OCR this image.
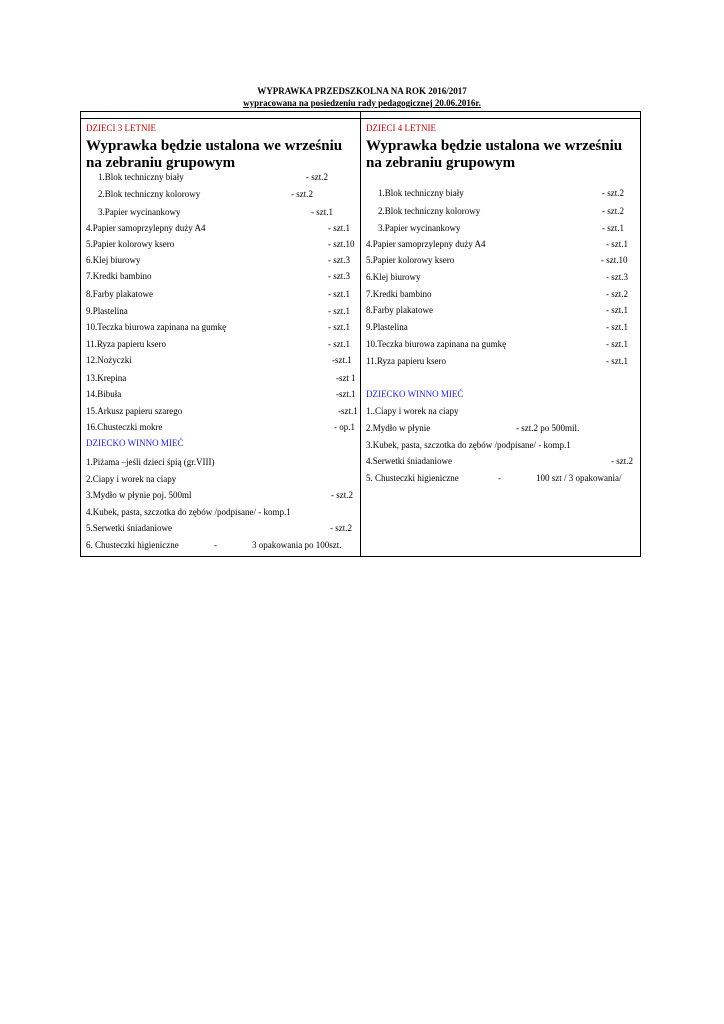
WYPRAWKA PRZEDSZKOLNA NA ROK 2016/2017
wypracowana na posiedzeniu rady pedagogicznej 20.06.2016r.
DZIECI 3 LETNIE
Wyprawka będzie ustalona we wrześniu na zebraniu grupowym
1.Blok techniczny biały	- szt.2
2.Blok techniczny kolorowy	- szt.2
3.Papier wycinankowy	- szt.1
4.Papier samoprzylepny duży A4	- szt.1
5.Papier kolorowy ksero	- szt.10
6.Klej biurowy	- szt.3
7.Kredki bambino	- szt.3
8.Farby plakatowe	- szt.1
9.Plastelina	- szt.1
10.Teczka biurowa zapinana na gumkę	- szt.1
11.Ryza papieru ksero	- szt.1
12.Nożyczki	-szt.1
13.Krepina	-szt 1
14.Bibuła	-szt.1
15.Arkusz papieru szarego	-szt.1
16.Chusteczki mokre	- op.1
DZIECKO WINNO MIEĆ
1.Piżama –jeśli dzieci śpią (gr.VIII)
2.Ciapy i worek na ciapy
3.Mydło w płynie poj. 500ml	- szt.2
4.Kubek, pasta, szczotka do zębów /podpisane/ - komp.1
5.Serwetki śniadaniowe	- szt.2
6. Chusteczki higieniczne	-	3 opakowania po 100szt.
DZIECI 4 LETNIE
Wyprawka będzie ustalona we wrześniu na zebraniu grupowym
1.Blok techniczny biały	- szt.2
2.Blok techniczny kolorowy	- szt.2
3.Papier wycinankowy	- szt.1
4.Papier samoprzylepny duży A4	- szt.1
5.Papier kolorowy ksero	- szt.10
6.Klej biurowy	- szt.3
7.Kredki bambino	- szt.2
8.Farby plakatowe	- szt.1
9.Plastelina	- szt.1
10.Teczka biurowa zapinana na gumkę	- szt.1
11.Ryza papieru ksero	- szt.1
DZIECKO WINNO MIEĆ
1..Ciapy i worek na ciapy
2.Mydło w płynie	- szt.2 po 500mil.
3.Kubek, pasta, szczotka do zębów /podpisane/ - komp.1
4.Serwetki śniadaniowe	- szt.2
5. Chusteczki higieniczne	-	100 szt / 3 opakowania/
